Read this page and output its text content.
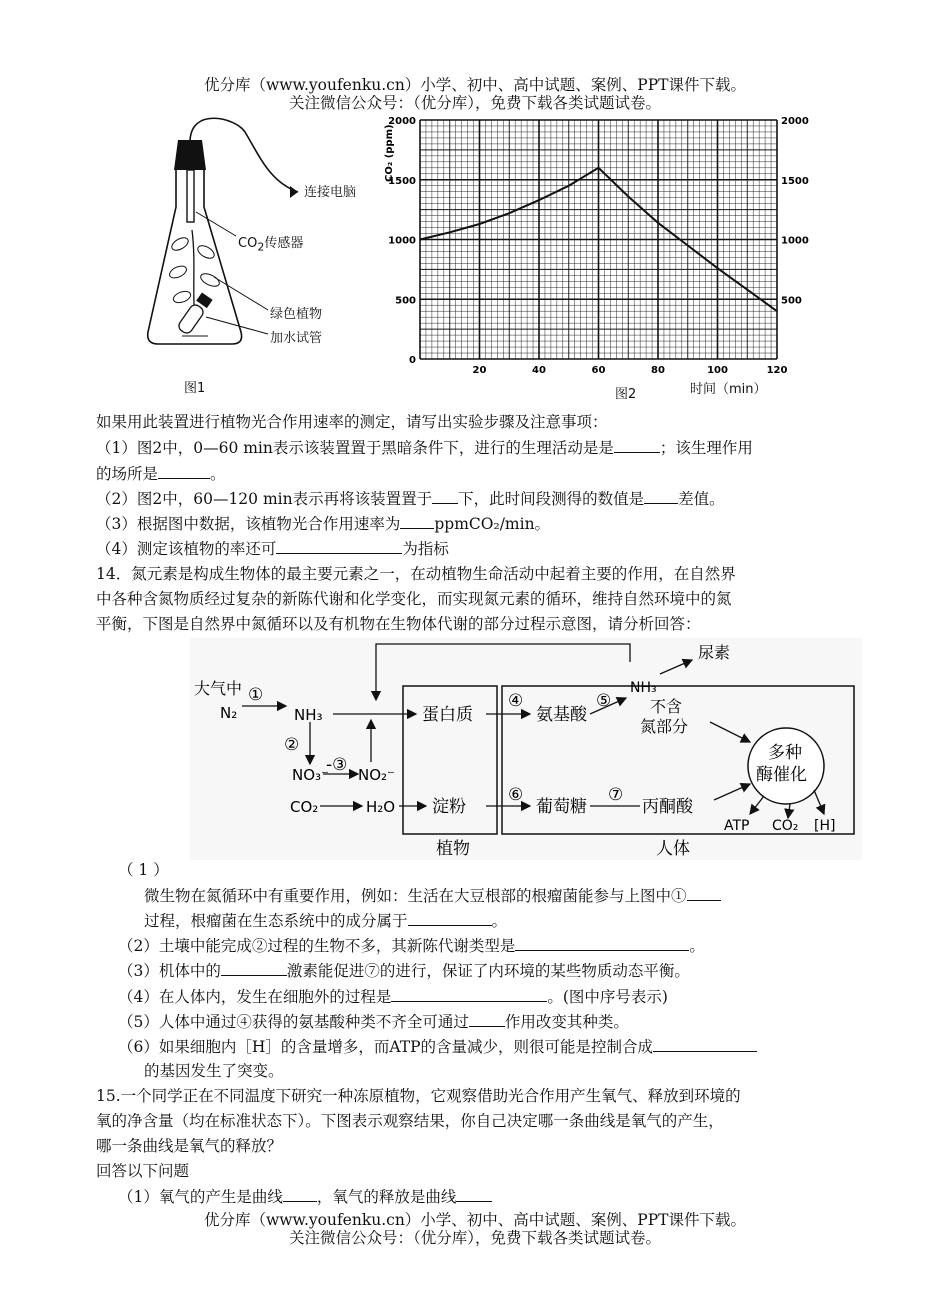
优分库（www.youfenku.cn）小学、初中、高中试题、案例、PPT课件下载。
关注微信公众号：（优分库），免费下载各类试题试卷。
连接电脑
$CO_2$传感器
绿色植物
加水试管
图1
20	40	60	80	100	120
0
500
1000
1500
2000
500
1000
1500
2000
CO₂ (ppm)
图2	时间（min）
如果用此装置进行植物光合作用速率的测定，请写出实验步骤及注意事项：
（1）图2中，0—60 min表示该装置置于黑暗条件下，进行的生理活动是是	；该生理作用
的场所是	。
（2）图2中，60—120 min表示再将该装置置于 下，此时间段测得的数值是 差值。
（3）根据图中数据，该植物光合作用速率为 ppmCO₂/min。
（4）测定该植物的率还可	为指标
14．氮元素是构成生物体的最主要元素之一，在动植物生命活动中起着主要的作用，在自然界
中各种含氮物质经过复杂的新陈代谢和化学变化，而实现氮元素的循环，维持自然环境中的氮
平衡，下图是自然界中氮循环以及有机物在生物体代谢的部分过程示意图，请分析回答：
大气中
N₂
①
NH₃
②
NO₃⁻
-③ NO₂⁻
CO₂	H₂O
蛋白质
淀粉
植物
④
氨基酸
⑤
NH₃
尿素
不含
氮部分
⑥
葡萄糖
⑦
丙酮酸
多种
酶催化
ATP CO₂ [H]
人体
（ 1 ）
微生物在氮循环中有重要作用，例如：生活在大豆根部的根瘤菌能参与上图中①
过程，根瘤菌在生态系统中的成分属于	。
（2）土壤中能完成②过程的生物不多，其新陈代谢类型是	。
（3）机体中的	激素能促进⑦的进行，保证了内环境的某些物质动态平衡。
（4）在人体内，发生在细胞外的过程是	。(图中序号表示)
（5）人体中通过④获得的氨基酸种类不齐全可通过 作用改变其种类。
（6）如果细胞内［H］的含量增多，而ATP的含量减少，则很可能是控制合成
的基因发生了突变。
15.一个同学正在不同温度下研究一种冻原植物，它观察借助光合作用产生氧气、释放到环境的
氧的净含量（均在标准状态下）。下图表示观察结果，你自己决定哪一条曲线是氧气的产生，
哪一条曲线是氧气的释放？
回答以下问题
（1）氧气的产生是曲线 ，氧气的释放是曲线
优分库（www.youfenku.cn）小学、初中、高中试题、案例、PPT课件下载。
关注微信公众号：（优分库），免费下载各类试题试卷。
